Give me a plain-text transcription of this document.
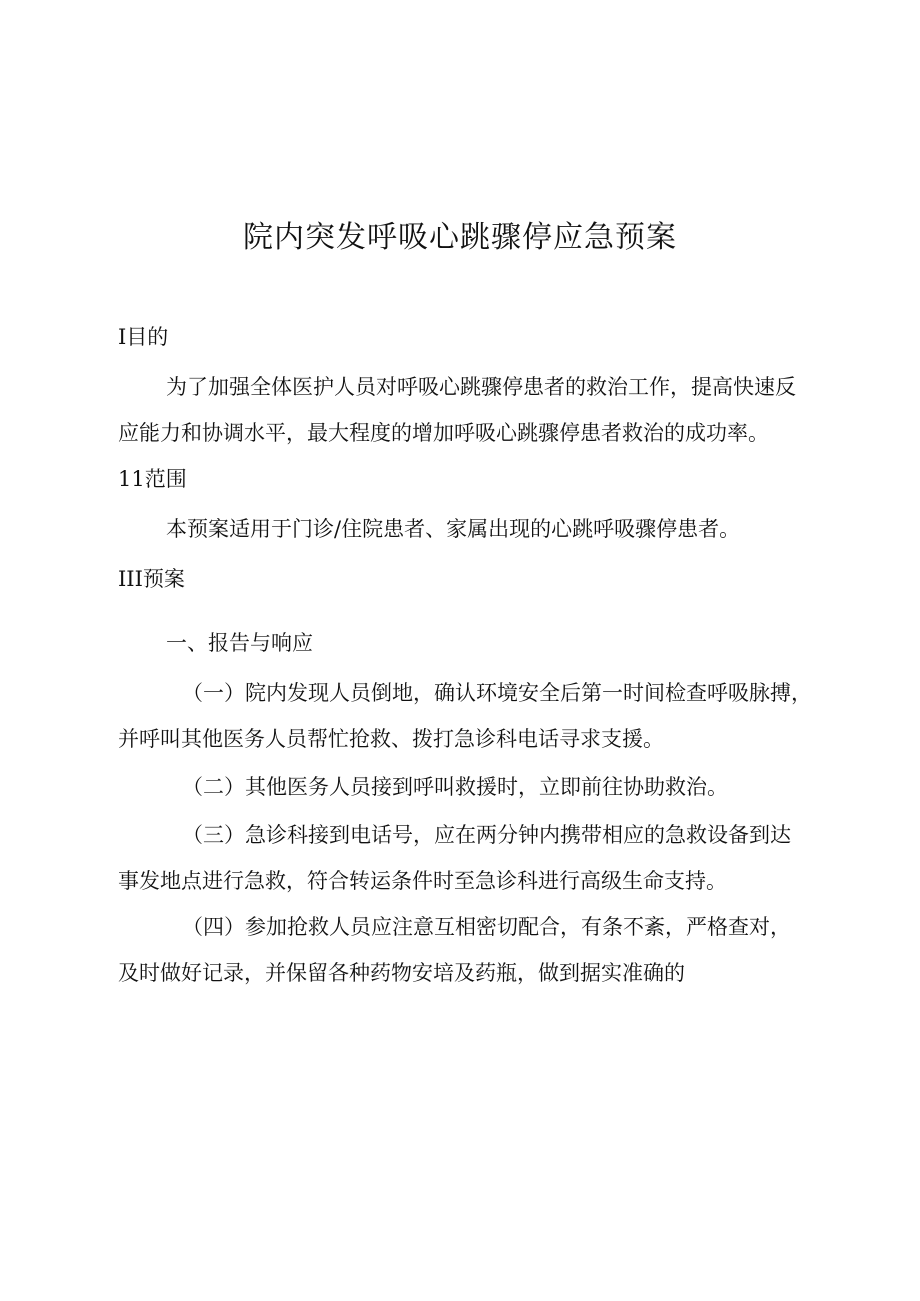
院内突发呼吸心跳骤停应急预案
I目的
为了加强全体医护人员对呼吸心跳骤停患者的救治工作，提高快速反
应能力和协调水平，最大程度的增加呼吸心跳骤停患者救治的成功率。
11范围
本预案适用于门诊/住院患者、家属出现的心跳呼吸骤停患者。
III预案
一、报告与响应
（一）院内发现人员倒地，确认环境安全后第一时间检查呼吸脉搏，
并呼叫其他医务人员帮忙抢救、拨打急诊科电话寻求支援。
（二）其他医务人员接到呼叫救援时，立即前往协助救治。
（三）急诊科接到电话号，应在两分钟内携带相应的急救设备到达
事发地点进行急救，符合转运条件时至急诊科进行高级生命支持。
（四）参加抢救人员应注意互相密切配合，有条不紊，严格查对，
及时做好记录，并保留各种药物安培及药瓶，做到据实准确的
